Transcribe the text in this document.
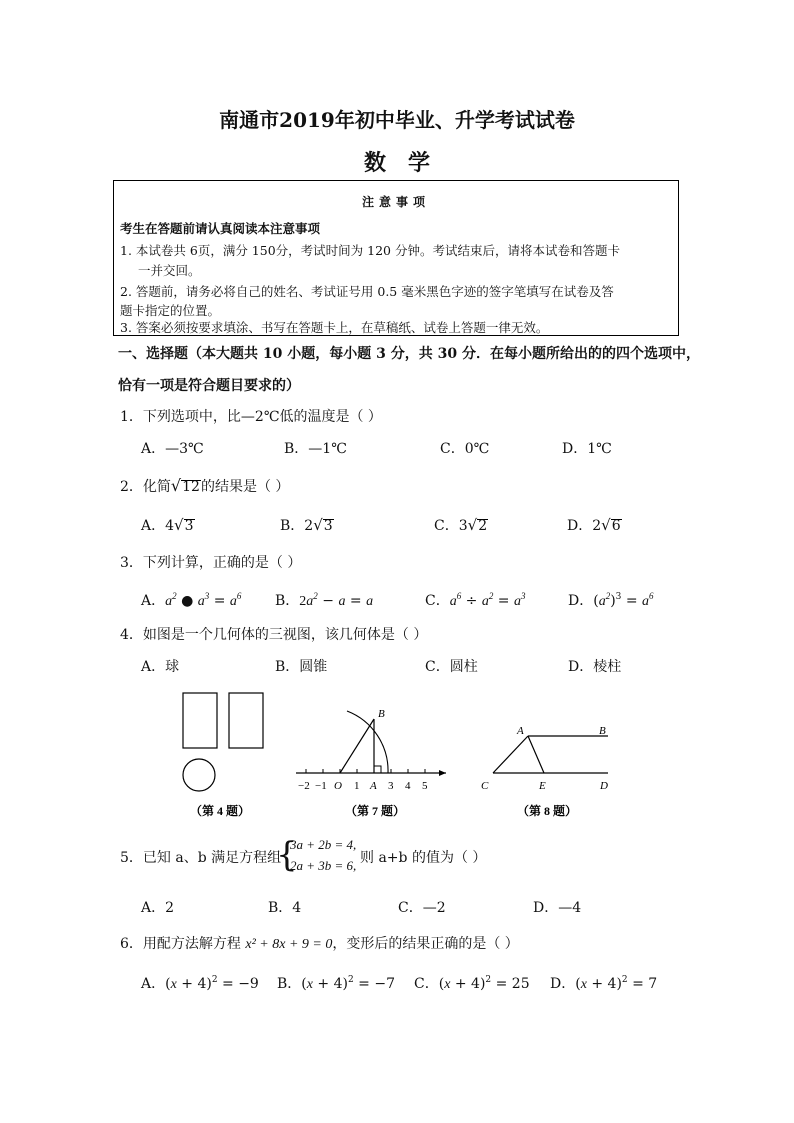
南通市2019年初中毕业、升学考试试卷
数学
注意事项
考生在答题前请认真阅读本注意事项
1. 本试卷共 6页，满分 150分，考试时间为 120 分钟。考试结束后，请将本试卷和答题卡
一并交回。
2. 答题前，请务必将自己的姓名、考试证号用 0.5 毫米黑色字迹的签字笔填写在试卷及答
题卡指定的位置。
3. 答案必须按要求填涂、书写在答题卡上，在草稿纸、试卷上答题一律无效。
一、选择题（本大题共 10 小题，每小题 3 分，共 30 分．在每小题所给出的的四个选项中，
恰有一项是符合题目要求的）
1．下列选项中，比—2℃低的温度是（ ）
A．—3℃	B．—1℃	C．0℃	D．1℃
2．化简√12的结果是（ ）
A．4√3	B．2√3	C．3√2	D．2√6
3．下列计算，正确的是（ ）
A．$a^2$ ● $a^3 = a^6$ B．$2a^2 - a = a$	C．$a^6 \div a^2 = a^3$	D．$(a^2)^3 = a^6$
4．如图是一个几何体的三视图，该几何体是（ ）
A．球	B．圆锥	C．圆柱	D．棱柱
B
−2 −1 O 1 A 3 4 5
A	B
C	E	D
（第 4 题）	（第 7 题）	（第 8 题）
5．已知 a、b 满足方程组
{
3a + 2b = 4,
2a + 3b = 6, 则 a+b 的值为（ ）
A．2	B．4	C．—2	D．—4
6．用配方法解方程 x² + 8x + 9 = 0，变形后的结果正确的是（ ）
A．$(x + 4)^2 = -9$ B．$(x + 4)^2 = -7$ C．$(x + 4)^2 = 25$ D．$(x + 4)^2 = 7$
